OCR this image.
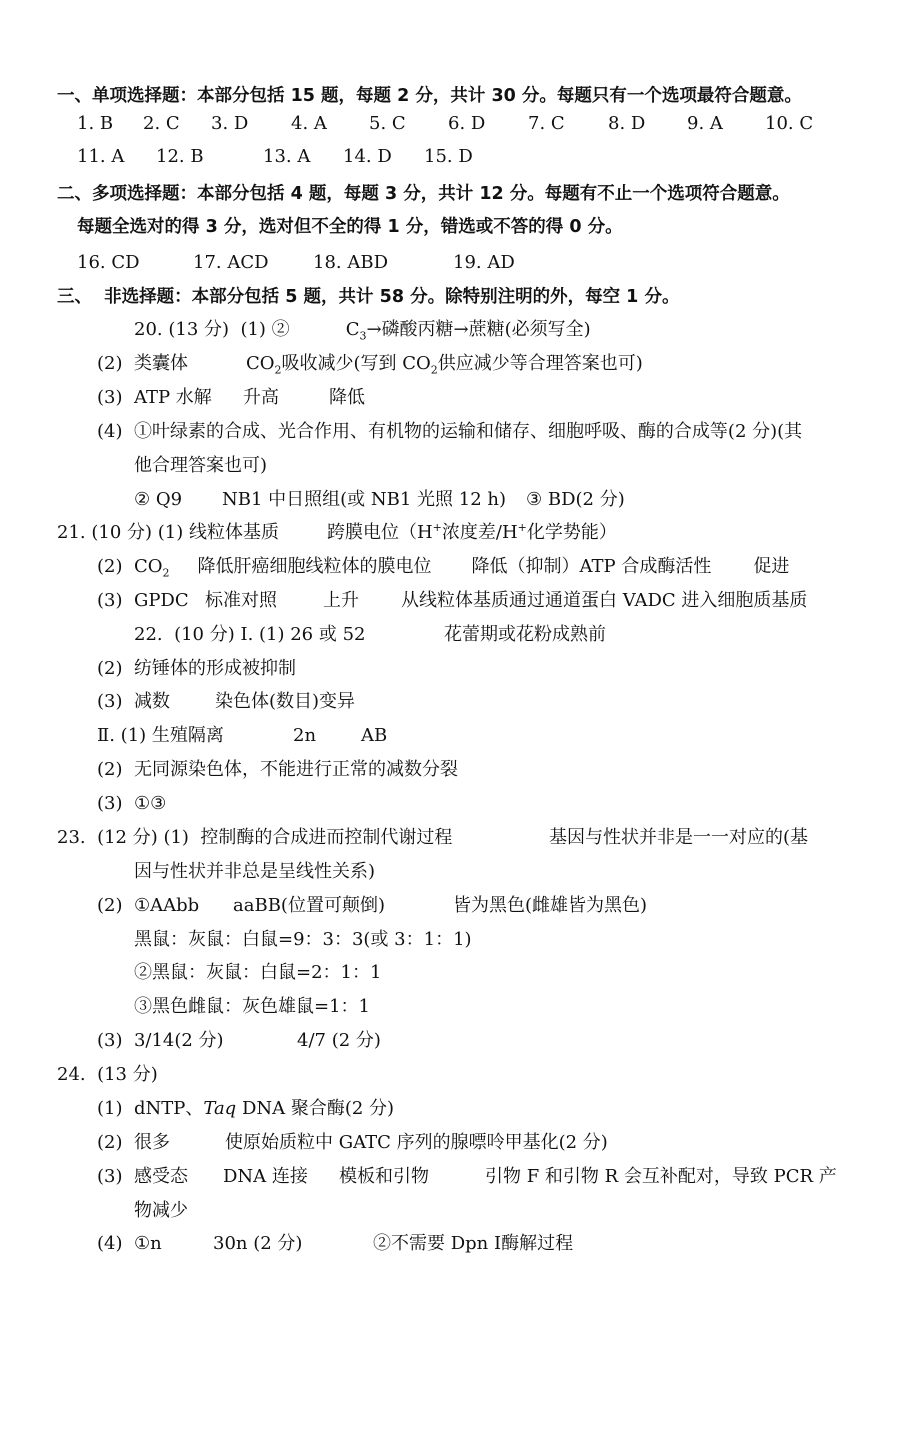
一、单项选择题：本部分包括 15 题，每题 2 分，共计 30 分。每题只有一个选项最符合题意。
1. B	2. C	3. D	4. A	5. C	6. D	7. C	8. D	9. A	10. C
11. A	12. B	13. A	14. D	15. D
二、多项选择题：本部分包括 4 题，每题 3 分，共计 12 分。每题有不止一个选项符合题意。
每题全选对的得 3 分，选对但不全的得 1 分，错选或不答的得 0 分。
16. CD	17. ACD	18. ABD	19. AD
三、  非选择题：本部分包括 5 题，共计 58 分。除特别注明的外，每空 1 分。
20. (13 分)  (1) ②	$C_3\to$磷酸丙糖→蔗糖(必须写全)
(2)  类囊体	$CO_2$吸收减少(写到 $CO_2$供应减少等合理答案也可)
(3)  ATP 水解	升高	降低
(4)  ①叶绿素的合成、光合作用、有机物的运输和储存、细胞呼吸、酶的合成等(2 分)(其
他合理答案也可)
② Q9	NB1 中日照组(或 NB1 光照 12 h)	③ BD(2 分)
21. (10 分) (1) 线粒体基质	跨膜电位（H+浓度差/H+化学势能）
(2)  $CO_2$ 降低肝癌细胞线粒体的膜电位 降低（抑制）ATP 合成酶活性 促进
(3)  GPDC 标准对照	上升	从线粒体基质通过通道蛋白 VADC 进入细胞质基质
22.  (10 分) Ⅰ. (1) 26 或 52	花蕾期或花粉成熟前
(2)  纺锤体的形成被抑制
(3)  减数	染色体(数目)变异
Ⅱ. (1) 生殖隔离	2n	AB
(2)  无同源染色体，不能进行正常的减数分裂
(3)  ①③
23.  (12 分) (1)  控制酶的合成进而控制代谢过程	基因与性状并非是一一对应的(基
因与性状并非总是呈线性关系)
(2)  ①AAbb	aaBB(位置可颠倒)	皆为黑色(雌雄皆为黑色)
黑鼠：灰鼠：白鼠=9：3：3(或 3：1：1)
②黑鼠：灰鼠：白鼠=2：1：1
③黑色雌鼠：灰色雄鼠=1：1
(3)  3/14(2 分)	4/7 (2 分)
24.  (13 分)
(1)  dNTP、Taq DNA 聚合酶(2 分)
(2)  很多	使原始质粒中 GATC 序列的腺嘌呤甲基化(2 分)
(3)  感受态	DNA 连接	模板和引物	引物 F 和引物 R 会互补配对，导致 PCR 产
物减少
(4)  ①n	30n (2 分)	②不需要 Dpn Ⅰ酶解过程
